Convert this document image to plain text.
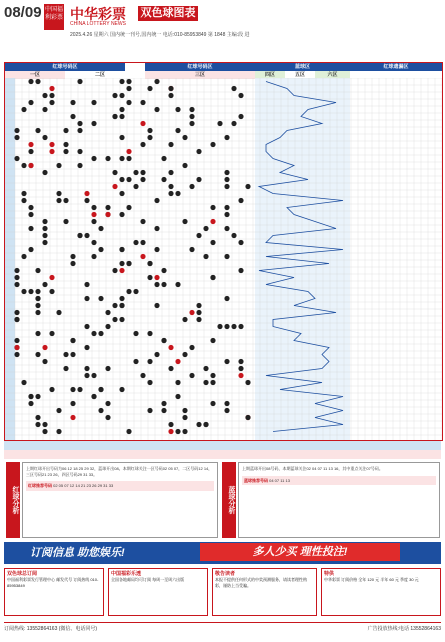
08/09 中国福利彩票 中华彩票
CHINA LOTTERY NEWS
双色球图表
2025.4.26 星期六 国内统一刊号,国内统一 电话:010-85953849 第 1848 主编:段 进
红球号码区	红球号码区	蓝球区	红球遗漏区
一区	二区	三区	四区	五区	六区
红球分析
上期红球开出号码为06 12 18 25 29 32，蓝球开出08。本期红球关注一区号码02 05 07，二区号码12 14，三区号码21 23 26，四区号码29 31 33。
红球推荐号码 02 05 07 12 14 21 23 26 29 31 33
蓝球分析
上期蓝球开出08号码，本期蓝球关注02 04 07 11 13 16，其中重点关注07号码。
蓝球推荐号码 04 07 11 13
订阅信息 助您娱乐!	多人少买 理性投注!
双色球总订阅
中国福利彩票发行管理中心 邮发代号 订阅热线 010-85953849
中国福彩乐透
全国各地邮局均可订阅 每周一至周六出版
敬告读者
本报不提供任何形式的中奖预测服务，请读者理性购彩，谨防上当受骗。
特供
中华彩票 订阅价格 全年 120 元 半年 60 元 季度 30 元
订阅热线: 13552864163 (微信、电话同号)	广告投放热线:电话 13552864163
